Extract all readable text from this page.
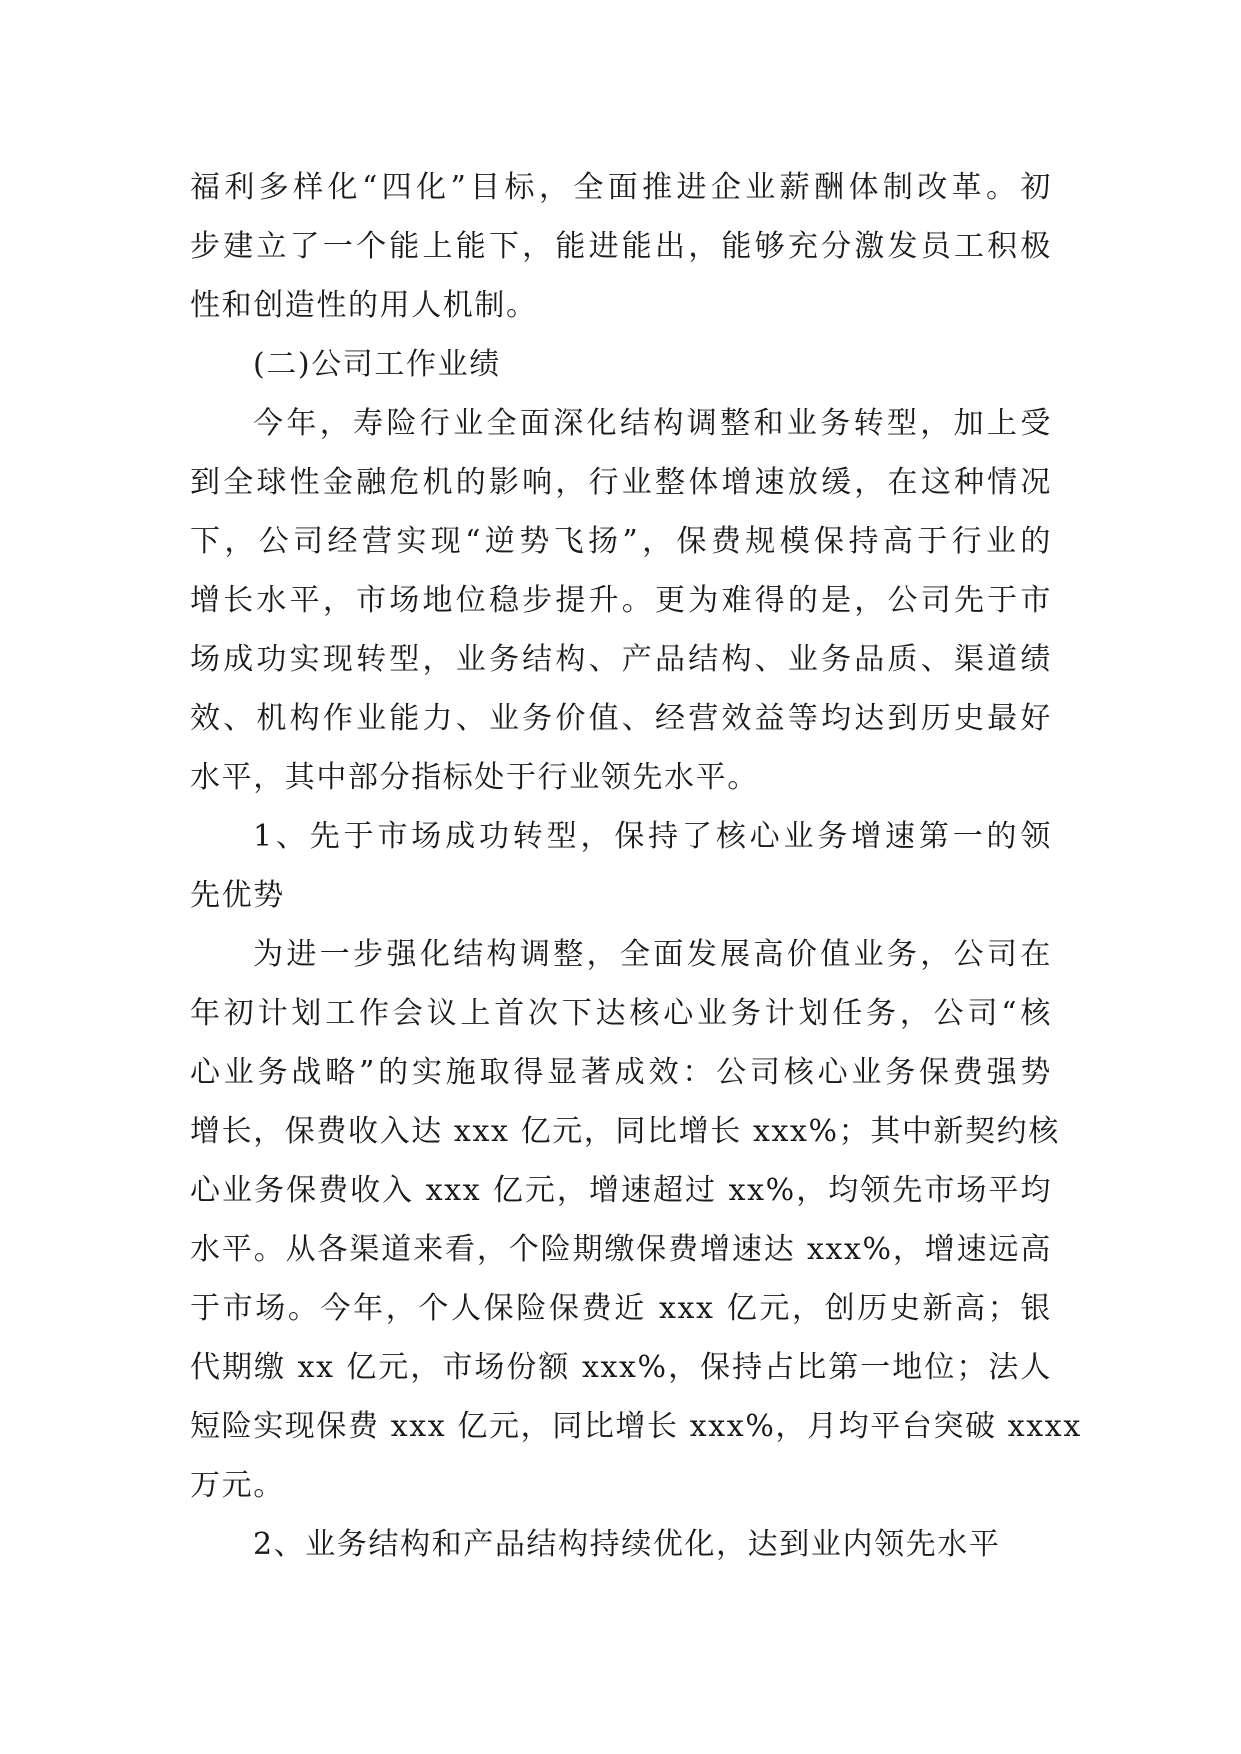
福利多样化“四化”目标，全面推进企业薪酬体制改革。初
步建立了一个能上能下，能进能出，能够充分激发员工积极
性和创造性的用人机制。
(二)公司工作业绩
今年，寿险行业全面深化结构调整和业务转型，加上受
到全球性金融危机的影响，行业整体增速放缓，在这种情况
下，公司经营实现“逆势飞扬”，保费规模保持高于行业的
增长水平，市场地位稳步提升。更为难得的是，公司先于市
场成功实现转型，业务结构、产品结构、业务品质、渠道绩
效、机构作业能力、业务价值、经营效益等均达到历史最好
水平，其中部分指标处于行业领先水平。
1、先于市场成功转型，保持了核心业务增速第一的领
先优势
为进一步强化结构调整，全面发展高价值业务，公司在
年初计划工作会议上首次下达核心业务计划任务，公司“核
心业务战略”的实施取得显著成效：公司核心业务保费强势
增长，保费收入达 xxx 亿元，同比增长 xxx%；其中新契约核
心业务保费收入 xxx 亿元，增速超过 xx%，均领先市场平均
水平。从各渠道来看，个险期缴保费增速达 xxx%，增速远高
于市场。今年，个人保险保费近 xxx 亿元，创历史新高；银
代期缴 xx 亿元，市场份额 xxx%，保持占比第一地位；法人
短险实现保费 xxx 亿元，同比增长 xxx%，月均平台突破 xxxx
万元。
2、业务结构和产品结构持续优化，达到业内领先水平
